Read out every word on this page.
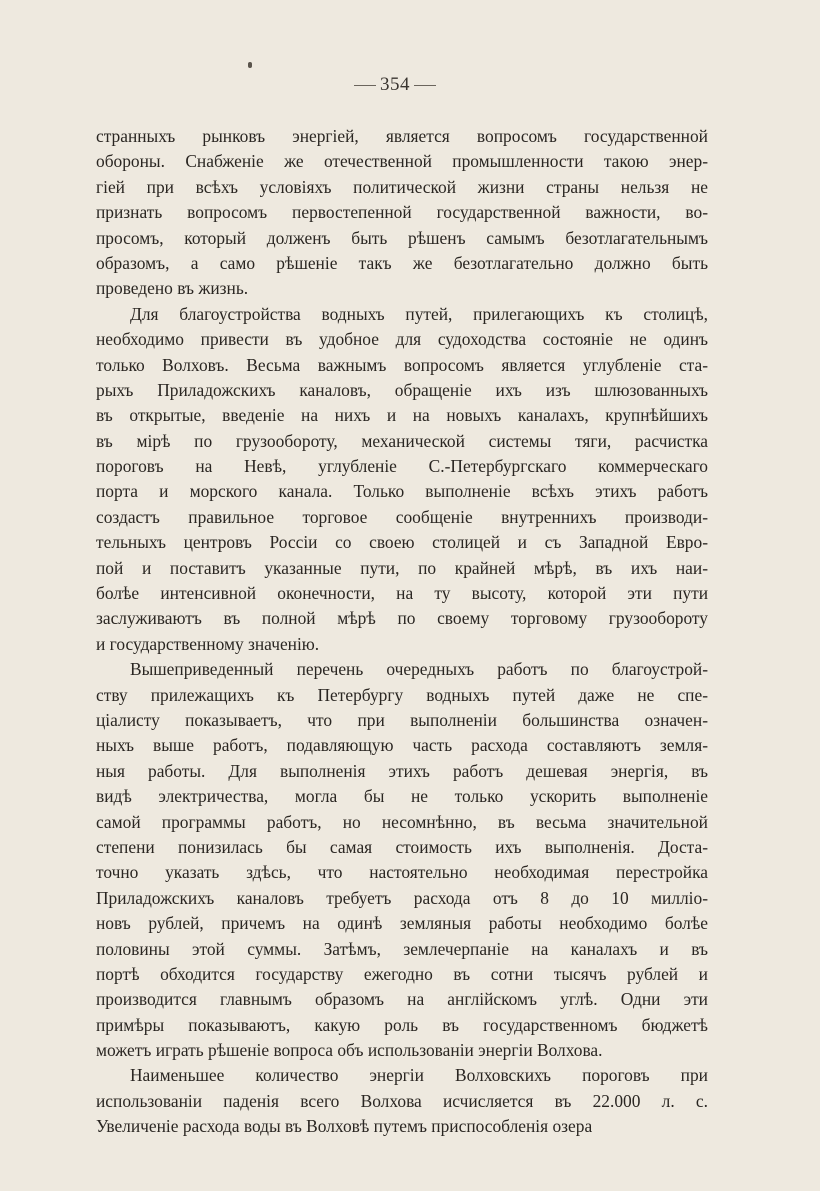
354
странныхъ рынковъ энергіей, является вопросомъ государственной
обороны. Снабженіе же отечественной промышленности такою энер-
гіей при всѣхъ условіяхъ политической жизни страны нельзя не
признать вопросомъ первостепенной государственной важности, во-
просомъ, который долженъ быть рѣшенъ самымъ безотлагательнымъ
образомъ, а само рѣшеніе такъ же безотлагательно должно быть
проведено въ жизнь.
Для благоустройства водныхъ путей, прилегающихъ къ столицѣ,
необходимо привести въ удобное для судоходства состояніе не одинъ
только Волховъ. Весьма важнымъ вопросомъ является углубленіе ста-
рыхъ Приладожскихъ каналовъ, обращеніе ихъ изъ шлюзованныхъ
въ открытые, введеніе на нихъ и на новыхъ каналахъ, крупнѣйшихъ
въ мірѣ по грузообороту, механической системы тяги, расчистка
пороговъ на Невѣ, углубленіе С.-Петербургскаго коммерческаго
порта и морского канала. Только выполненіе всѣхъ этихъ работъ
создастъ правильное торговое сообщеніе внутреннихъ производи-
тельныхъ центровъ Россіи со своею столицей и съ Западной Евро-
пой и поставитъ указанные пути, по крайней мѣрѣ, въ ихъ наи-
болѣе интенсивной оконечности, на ту высоту, которой эти пути
заслуживаютъ въ полной мѣрѣ по своему торговому грузообороту
и государственному значенію.
Вышеприведенный перечень очередныхъ работъ по благоустрой-
ству прилежащихъ къ Петербургу водныхъ путей даже не спе-
ціалисту показываетъ, что при выполненіи большинства означен-
ныхъ выше работъ, подавляющую часть расхода составляютъ земля-
ныя работы. Для выполненія этихъ работъ дешевая энергія, въ
видѣ электричества, могла бы не только ускорить выполненіе
самой программы работъ, но несомнѣнно, въ весьма значительной
степени понизилась бы самая стоимость ихъ выполненія. Доста-
точно указать здѣсь, что настоятельно необходимая перестройка
Приладожскихъ каналовъ требуетъ расхода отъ 8 до 10 милліо-
новъ рублей, причемъ на одинѣ земляныя работы необходимо болѣе
половины этой суммы. Затѣмъ, землечерпаніе на каналахъ и въ
портѣ обходится государству ежегодно въ сотни тысячъ рублей и
производится главнымъ образомъ на англійскомъ углѣ. Одни эти
примѣры показываютъ, какую роль въ государственномъ бюджетѣ
можетъ играть рѣшеніе вопроса объ использованіи энергіи Волхова.
Наименьшее количество энергіи Волховскихъ пороговъ при
использованіи паденія всего Волхова исчисляется въ 22.000 л. с.
Увеличеніе расхода воды въ Волховѣ путемъ приспособленія озера
